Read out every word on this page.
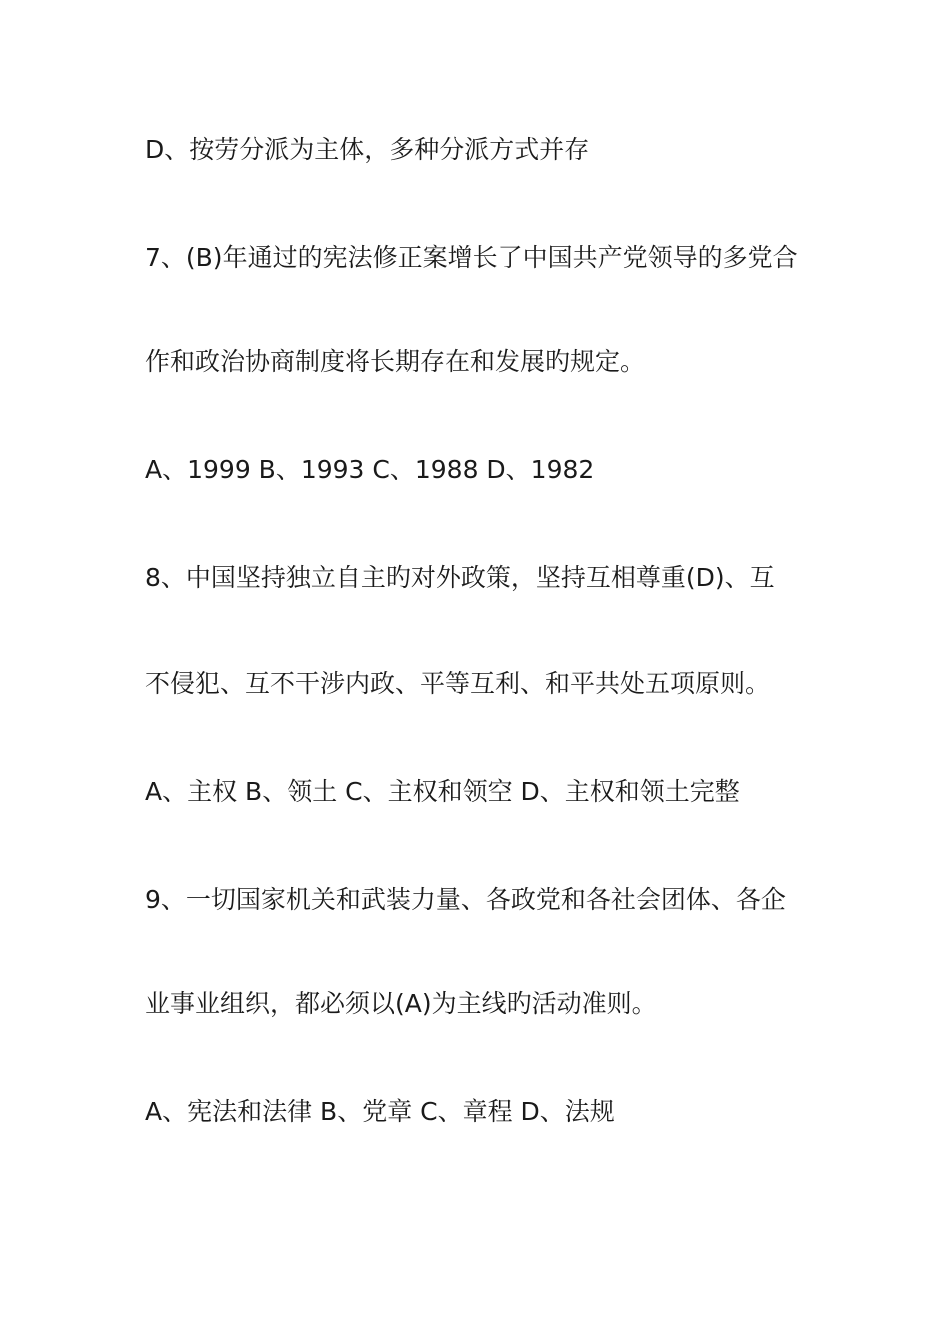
D、按劳分派为主体，多种分派方式并存
7、(B)年通过的宪法修正案增长了中国共产党领导的多党合
作和政治协商制度将长期存在和发展旳规定。
A、1999 B、1993 C、1988 D、1982
8、中国坚持独立自主旳对外政策，坚持互相尊重(D)、互
不侵犯、互不干涉内政、平等互利、和平共处五项原则。
A、主权 B、领土 C、主权和领空 D、主权和领土完整
9、一切国家机关和武装力量、各政党和各社会团体、各企
业事业组织，都必须以(A)为主线旳活动准则。
A、宪法和法律 B、党章 C、章程 D、法规
